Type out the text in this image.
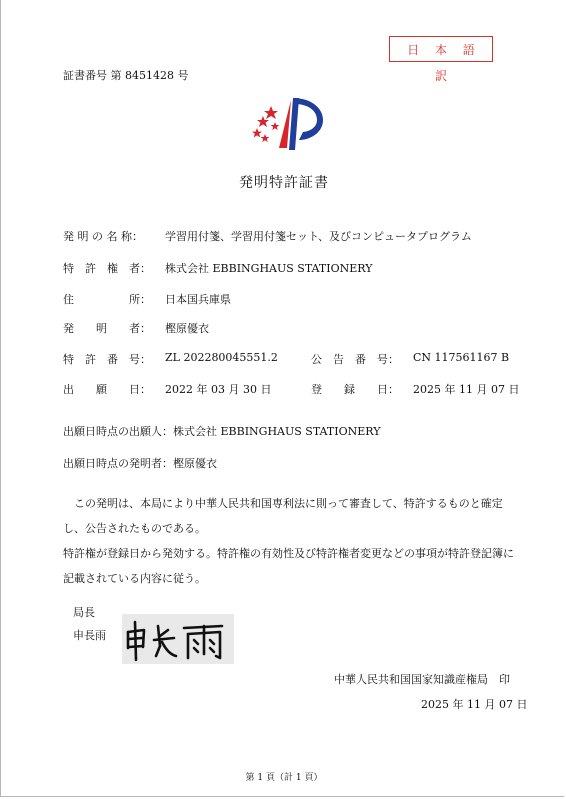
日 本 語 訳
証書番号 第 8451428 号
発明特許証書
発 明 の 名 称： 学習用付箋、学習用付箋セット、及びコンピュータプログラム
特　許　権　者： 株式会社 EBBINGHAUS STATIONERY
住　　　　　所： 日本国兵庫県
発　　明　　者： 樫原優衣
特　許　番　号： ZL 202280045551.2	公　告　番　号： CN 117561167 B
出　　願　　日： 2022 年 03 月 30 日	登　　録　　日： 2025 年 11 月 07 日
出願日時点の出願人：株式会社 EBBINGHAUS STATIONERY
出願日時点の発明者：樫原優衣
　この発明は、本局により中華人民共和国専利法に則って審査して、特許するものと確定し、公告されたものである。
特許権が登録日から発効する。特許権の有効性及び特許権者変更などの事項が特許登記簿に記載されている内容に従う。
局長
申長雨
中華人民共和国国家知識産権局　印
2025 年 11 月 07 日
第 1 頁（計 1 頁）
